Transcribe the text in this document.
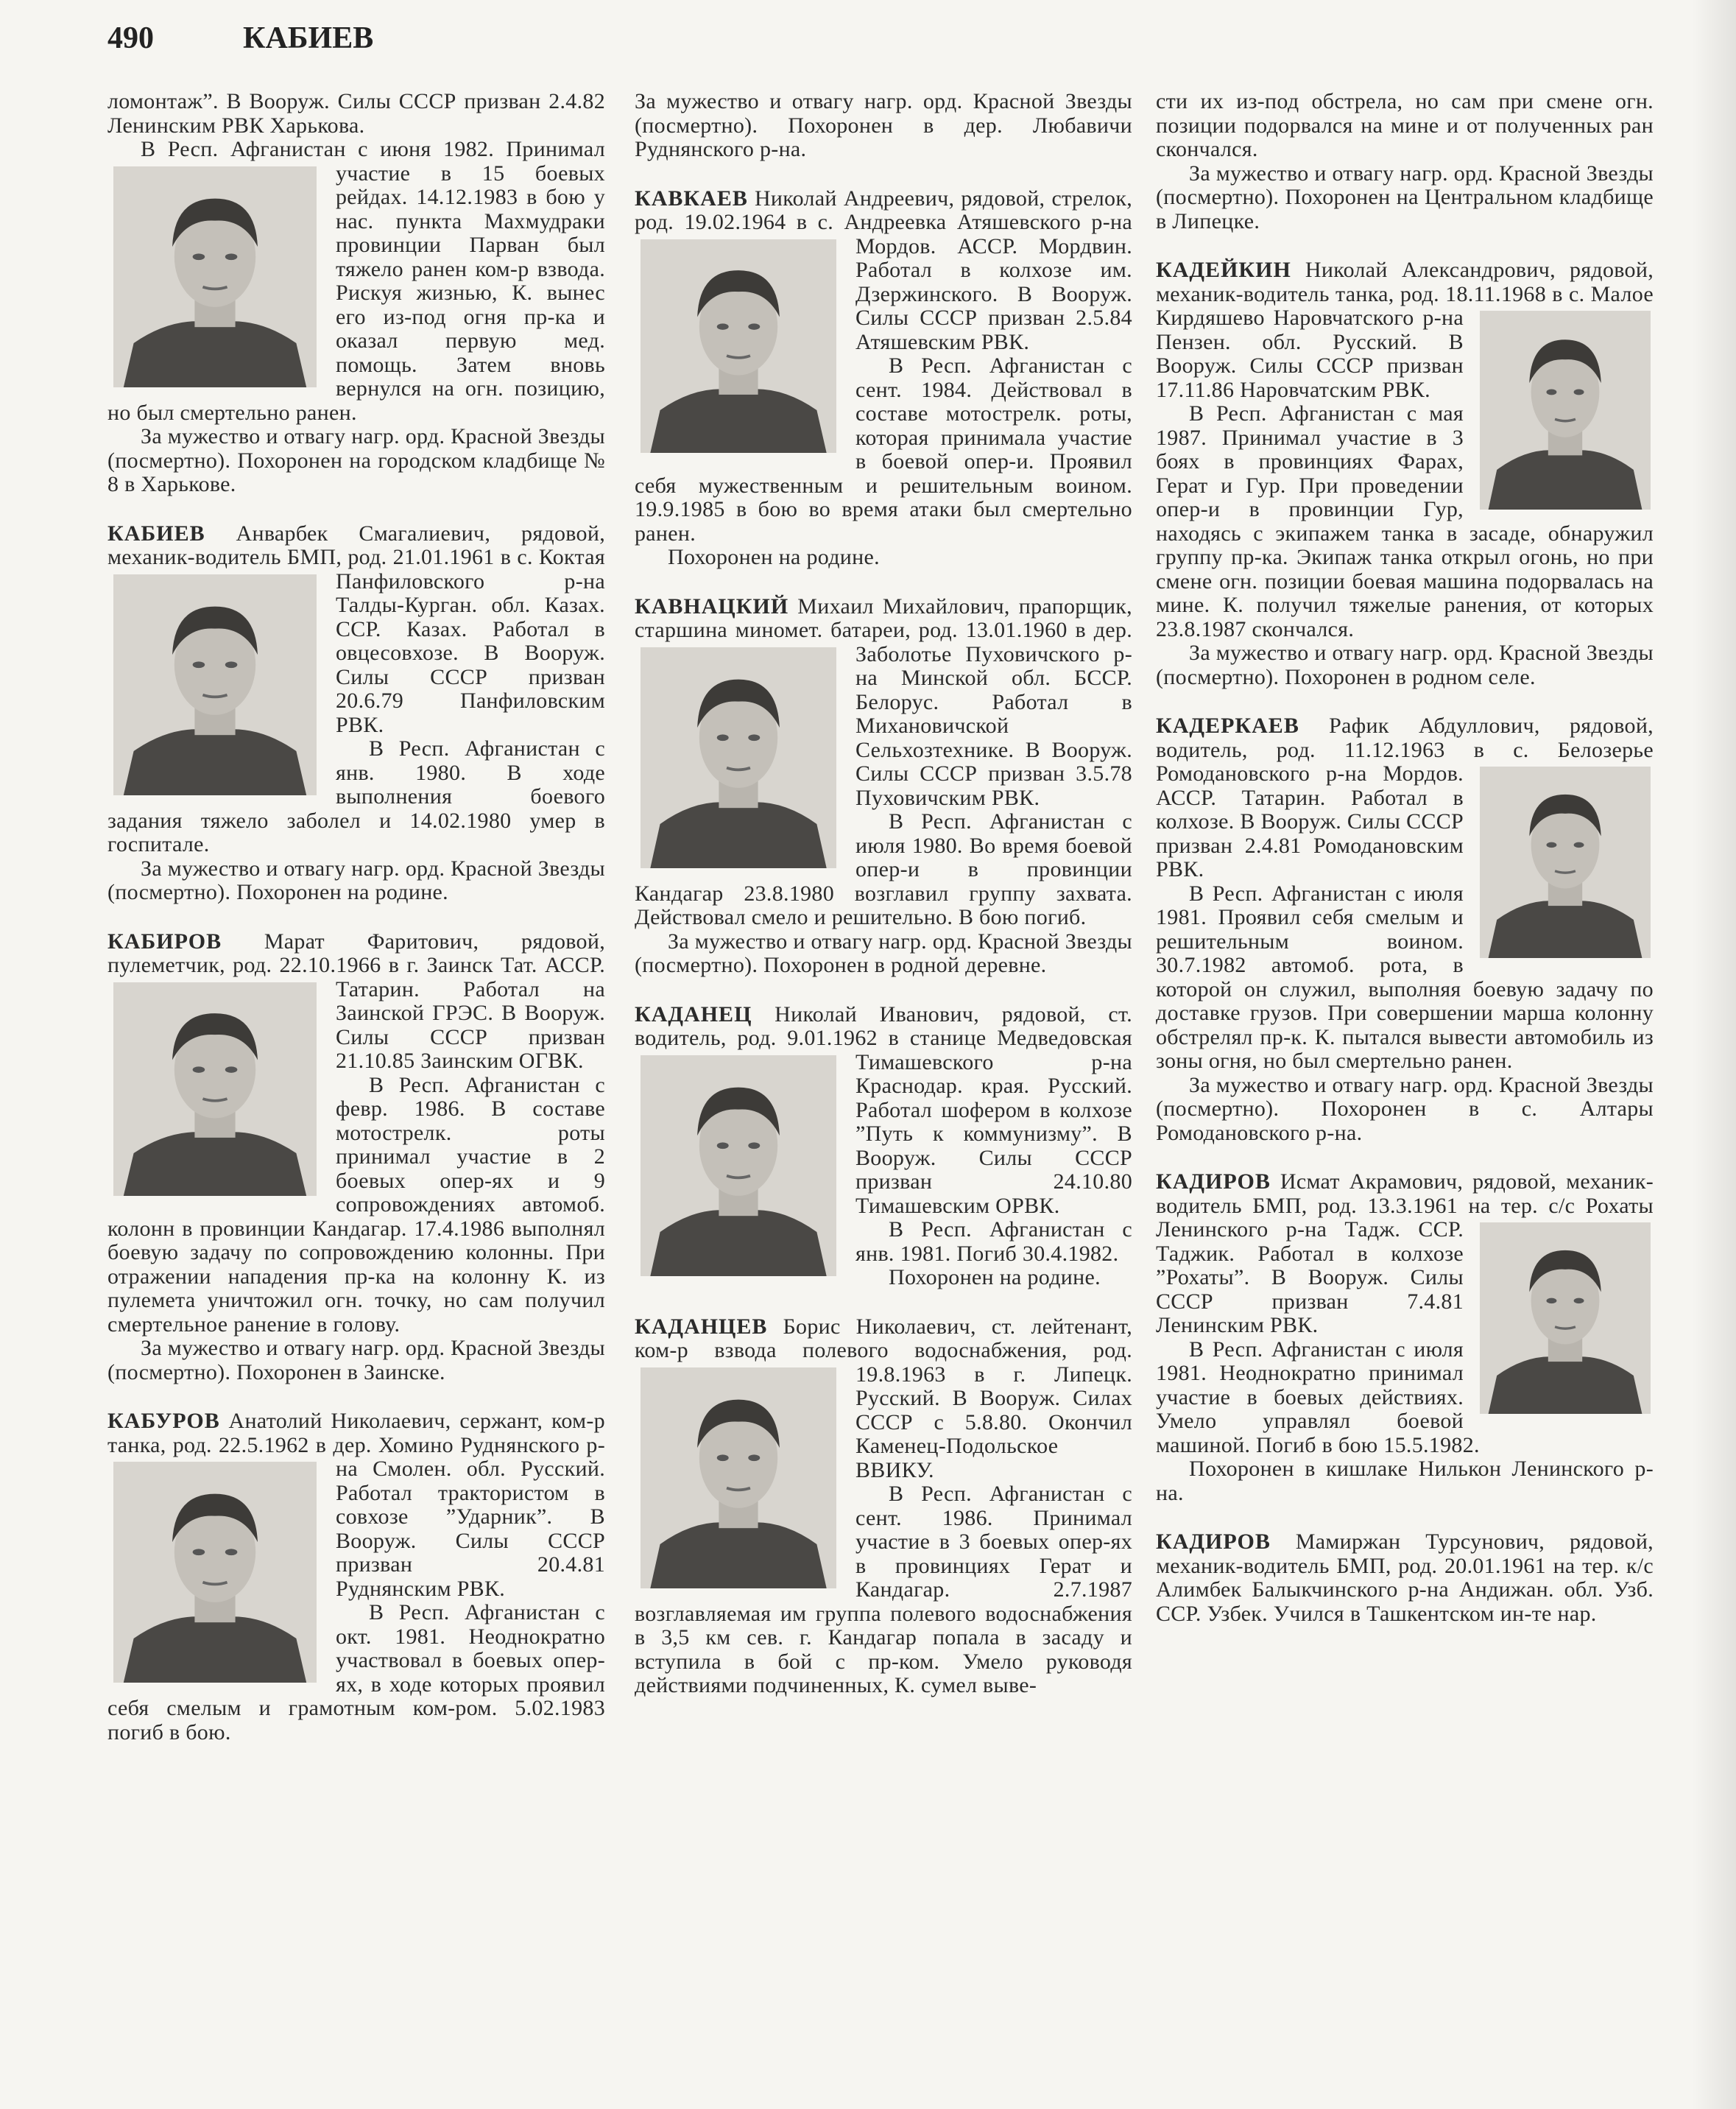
490	КАБИЕВ

ломонтаж”. В Вооруж. Силы СССР призван 2.4.82 Ленинским РВК Харькова.

В Респ. Афганистан с июня 1982. Принимал участие в 15 боевых рейдах. 14.12.1983 в бою у нас. пункта Махмудраки провинции Парван был тяжело ранен ком-р взвода. Рискуя жизнью, К. вынес его из-под огня пр-ка и оказал первую мед. помощь. Затем вновь вернулся на огн. позицию, но был смертельно ранен.

За мужество и отвагу нагр. орд. Красной Звезды (посмертно). Похоронен на городском кладбище № 8 в Харькове.

КАБИЕВ Анварбек Смагалиевич, рядовой, механик-водитель БМП, род. 21.01.1961 в с. Коктая Панфиловского р-на Талды-Курган. обл. Казах. ССР. Казах. Работал в овцесовхозе. В Вооруж. Силы СССР призван 20.6.79 Панфиловским РВК.

В Респ. Афганистан с янв. 1980. В ходе выполнения боевого задания тяжело заболел и 14.02.1980 умер в госпитале.

За мужество и отвагу нагр. орд. Красной Звезды (посмертно). Похоронен на родине.

КАБИРОВ Марат Фаритович, рядовой, пулеметчик, род. 22.10.1966 в г. Заинск Тат. АССР. Татарин. Работал на Заинской ГРЭС. В Вооруж. Силы СССР призван 21.10.85 Заинским ОГВК.

В Респ. Афганистан с февр. 1986. В составе мотострелк. роты принимал участие в 2 боевых опер-ях и 9 сопровождениях автомоб. колонн в провинции Кандагар. 17.4.1986 выполнял боевую задачу по сопровождению колонны. При отражении нападения пр-ка на колонну К. из пулемета уничтожил огн. точку, но сам получил смертельное ранение в голову.

За мужество и отвагу нагр. орд. Красной Звезды (посмертно). Похоронен в Заинске.

КАБУРОВ Анатолий Николаевич, сержант, ком-р танка, род. 22.5.1962 в дер. Хомино Руднянского р-на Смолен. обл. Русский. Работал трактористом в совхозе ”Ударник”. В Вооруж. Силы СССР призван 20.4.81 Руднянским РВК.

В Респ. Афганистан с окт. 1981. Неоднократно участвовал в боевых опер-ях, в ходе которых проявил себя смелым и грамотным ком-ром. 5.02.1983 погиб в бою.

За мужество и отвагу нагр. орд. Красной Звезды (посмертно). Похоронен в дер. Любавичи Руднянского р-на.

КАВКАЕВ Николай Андреевич, рядовой, стрелок, род. 19.02.1964 в с. Андреевка Атяшевского р-на Мордов. АССР. Мордвин. Работал в колхозе им. Дзержинского. В Вооруж. Силы СССР призван 2.5.84 Атяшевским РВК.

В Респ. Афганистан с сент. 1984. Действовал в составе мотострелк. роты, которая принимала участие в боевой опер-и. Проявил себя мужественным и решительным воином. 19.9.1985 в бою во время атаки был смертельно ранен.

Похоронен на родине.

КАВНАЦКИЙ Михаил Михайлович, прапорщик, старшина миномет. батареи, род. 13.01.1960 в дер. Заболотье Пуховичского р-на Минской обл. БССР. Белорус. Работал в Михановичской Сельхозтехнике. В Вооруж. Силы СССР призван 3.5.78 Пуховичским РВК.

В Респ. Афганистан с июля 1980. Во время боевой опер-и в провинции Кандагар 23.8.1980 возглавил группу захвата. Действовал смело и решительно. В бою погиб.

За мужество и отвагу нагр. орд. Красной Звезды (посмертно). Похоронен в родной деревне.

КАДАНЕЦ Николай Иванович, рядовой, ст. водитель, род. 9.01.1962 в станице Медведовская Тимашевского р-на Краснодар. края. Русский. Работал шофером в колхозе ”Путь к коммунизму”. В Вооруж. Силы СССР призван 24.10.80 Тимашевским ОРВК.

В Респ. Афганистан с янв. 1981. Погиб 30.4.1982.

Похоронен на родине.

КАДАНЦЕВ Борис Николаевич, ст. лейтенант, ком-р взвода полевого водоснабжения, род. 19.8.1963 в г. Липецк. Русский. В Вооруж. Силах СССР с 5.8.80. Окончил Каменец-Подольское ВВИКУ.

В Респ. Афганистан с сент. 1986. Принимал участие в 3 боевых опер-ях в провинциях Герат и Кандагар. 2.7.1987 возглавляемая им группа полевого водоснабжения в 3,5 км сев. г. Кандагар попала в засаду и вступила в бой с пр-ком. Умело руководя действиями подчиненных, К. сумел выве-

сти их из-под обстрела, но сам при смене огн. позиции подорвался на мине и от полученных ран скончался.

За мужество и отвагу нагр. орд. Красной Звезды (посмертно). Похоронен на Центральном кладбище в Липецке.

КАДЕЙКИН Николай Александрович, рядовой, механик-водитель танка, род. 18.11.1968 в с. Малое Кирдяшево Наровчатского р-на Пензен. обл. Русский. В Вооруж. Силы СССР призван 17.11.86 Наровчатским РВК.

В Респ. Афганистан с мая 1987. Принимал участие в 3 боях в провинциях Фарах, Герат и Гур. При проведении опер-и в провинции Гур, находясь с экипажем танка в засаде, обнаружил группу пр-ка. Экипаж танка открыл огонь, но при смене огн. позиции боевая машина подорвалась на мине. К. получил тяжелые ранения, от которых 23.8.1987 скончался.

За мужество и отвагу нагр. орд. Красной Звезды (посмертно). Похоронен в родном селе.

КАДЕРКАЕВ Рафик Абдуллович, рядовой, водитель, род. 11.12.1963 в с. Белозерье Ромодановского р-на Мордов. АССР. Татарин. Работал в колхозе. В Вооруж. Силы СССР призван 2.4.81 Ромодановским РВК.

В Респ. Афганистан с июля 1981. Проявил себя смелым и решительным воином. 30.7.1982 автомоб. рота, в которой он служил, выполняя боевую задачу по доставке грузов. При совершении марша колонну обстрелял пр-к. К. пытался вывести автомобиль из зоны огня, но был смертельно ранен.

За мужество и отвагу нагр. орд. Красной Звезды (посмертно). Похоронен в с. Алтары Ромодановского р-на.

КАДИРОВ Исмат Акрамович, рядовой, механик-водитель БМП, род. 13.3.1961 на тер. с/с Рохаты Ленинского р-на Тадж. ССР. Таджик. Работал в колхозе ”Рохаты”. В Вооруж. Силы СССР призван 7.4.81 Ленинским РВК.

В Респ. Афганистан с июля 1981. Неоднократно принимал участие в боевых действиях. Умело управлял боевой машиной. Погиб в бою 15.5.1982.

Похоронен в кишлаке Нилькон Ленинского р-на.

КАДИРОВ Мамиржан Турсунович, рядовой, механик-водитель БМП, род. 20.01.1961 на тер. к/с Алимбек Балыкчинского р-на Андижан. обл. Узб. ССР. Узбек. Учился в Ташкентском ин-те нар.
